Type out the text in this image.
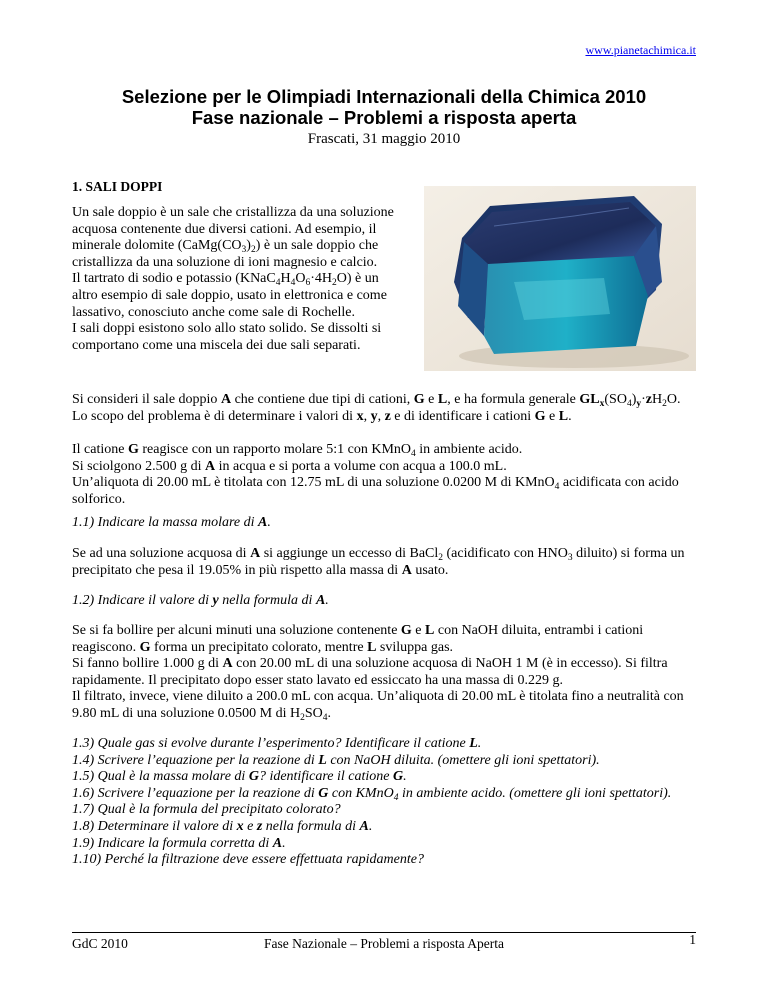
www.pianetachimica.it
Selezione per le Olimpiadi Internazionali della Chimica 2010
Fase nazionale – Problemi a risposta aperta
Frascati, 31 maggio 2010
1. SALI DOPPI

Un sale doppio è un sale che cristallizza da una soluzione acquosa contenente due diversi cationi. Ad esempio, il minerale dolomite $(CaMg(CO_3)_2)$ è un sale doppio che cristallizza da una soluzione di ioni magnesio e calcio.

Il tartrato di sodio e potassio $(KNaC_4H_4O_6\cdot 4H_2O)$ è un altro esempio di sale doppio, usato in elettronica e come lassativo, conosciuto anche come sale di Rochelle.

I sali doppi esistono solo allo stato solido. Se dissolti si comportano come una miscela dei due sali separati.

Si consideri il sale doppio A che contiene due tipi di cationi, G e L, e ha formula generale $GL_x(SO_4)_y\cdot zH_2O$.

Lo scopo del problema è di determinare i valori di x, y, z e di identificare i cationi G e L.

Il catione G reagisce con un rapporto molare 5:1 con KMnO$_4$ in ambiente acido.

Si sciolgono 2.500 g di A in acqua e si porta a volume con acqua a 100.0 mL.

Un’aliquota di 20.00 mL è titolata con 12.75 mL di una soluzione 0.0200 M di KMnO$_4$ acidificata con acido solforico.

1.1) Indicare la massa molare di A.

Se ad una soluzione acquosa di A si aggiunge un eccesso di BaCl$_2$ (acidificato con $HNO_3$ diluito) si forma un precipitato che pesa il 19.05% in più rispetto alla massa di A usato.

1.2) Indicare il valore di y nella formula di A.

Se si fa bollire per alcuni minuti una soluzione contenente G e L con NaOH diluita, entrambi i cationi reagiscono. G forma un precipitato colorato, mentre L sviluppa gas.

Si fanno bollire 1.000 g di A con 20.00 mL di una soluzione acquosa di NaOH 1 M (è in eccesso). Si filtra rapidamente. Il precipitato dopo esser stato lavato ed essiccato ha una massa di 0.229 g.

Il filtrato, invece, viene diluito a 200.0 mL con acqua. Un’aliquota di 20.00 mL è titolata fino a neutralità con 9.80 mL di una soluzione 0.0500 M di $H_2SO_4$.

1.3) Quale gas si evolve durante l’esperimento? Identificare il catione L.

1.4) Scrivere l’equazione per la reazione di L con NaOH diluita. (omettere gli ioni spettatori).

1.5) Qual è la massa molare di G? identificare il catione G.

1.6) Scrivere l’equazione per la reazione di G con KMnO$_4$ in ambiente acido. (omettere gli ioni spettatori).

1.7) Qual è la formula del precipitato colorato?

1.8) Determinare il valore di x e z nella formula di A.

1.9) Indicare la formula corretta di A.

1.10) Perché la filtrazione deve essere effettuata rapidamente?

GdC 2010	Fase Nazionale – Problemi a risposta Aperta	1
